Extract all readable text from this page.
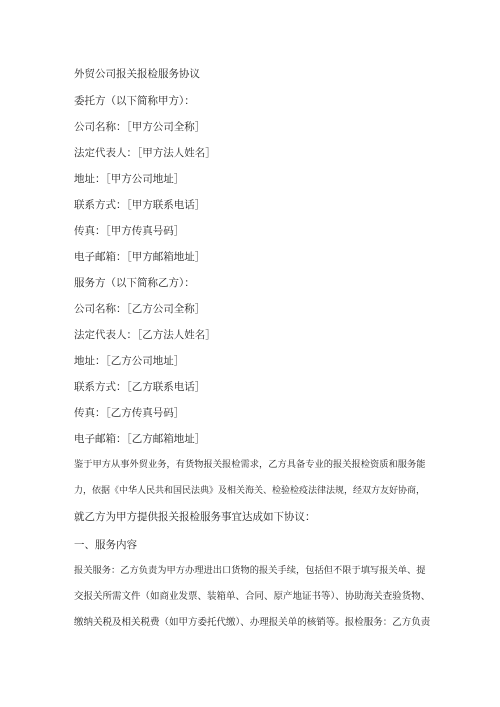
外贸公司报关报检服务协议
委托方（以下简称甲方）：
公司名称：［甲方公司全称］
法定代表人：［甲方法人姓名］
地址：［甲方公司地址］
联系方式：［甲方联系电话］
传真：［甲方传真号码］
电子邮箱：［甲方邮箱地址］
服务方（以下简称乙方）：
公司名称：［乙方公司全称］
法定代表人：［乙方法人姓名］
地址：［乙方公司地址］
联系方式：［乙方联系电话］
传真：［乙方传真号码］
电子邮箱：［乙方邮箱地址］
鉴于甲方从事外贸业务，有货物报关报检需求，乙方具备专业的报关报检资质和服务能
力，依据《中华人民共和国民法典》及相关海关、检验检疫法律法规，经双方友好协商，
就乙方为甲方提供报关报检服务事宜达成如下协议：
一、服务内容
报关服务：乙方负责为甲方办理进出口货物的报关手续，包括但不限于填写报关单、提
交报关所需文件（如商业发票、装箱单、合同、原产地证书等）、协助海关查验货物、
缴纳关税及相关税费（如甲方委托代缴）、办理报关单的核销等。报检服务：乙方负责
